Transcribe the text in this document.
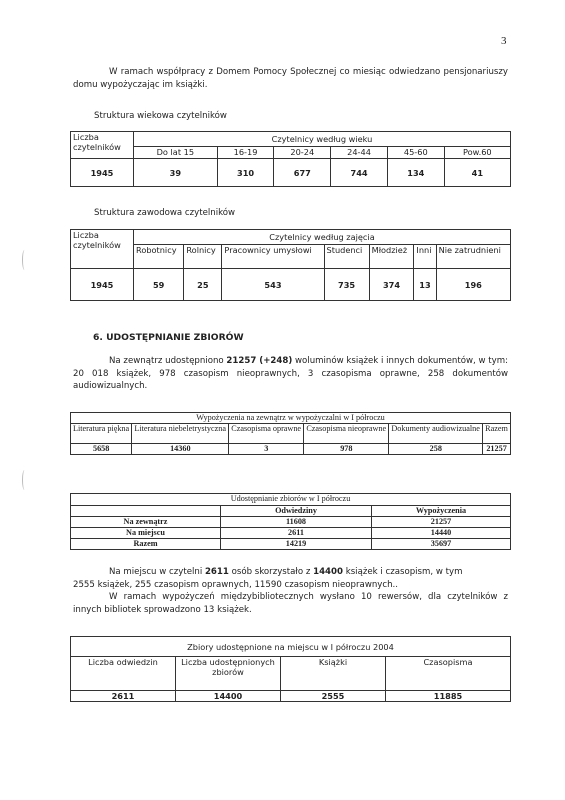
3
W ramach współpracy z Domem Pomocy Społecznej co miesiąc odwiedzano pensjonariuszy domu wypożyczając im książki.
Struktura wiekowa czytelników
Liczba czytelników	Czytelnicy według wieku					
	Do lat 15	16-19	20-24	24-44	45-60	Pow.60
1945	39	310	677	744	134	41
Struktura zawodowa czytelników
Liczba czytelników	Czytelnicy według zajęcia						
	Robotnicy	Rolnicy	Pracownicy umysłowi	Studenci	Młodzież	Inni	Nie zatrudnieni
1945	59	25	543	735	374	13	196
6. UDOSTĘPNIANIE ZBIORÓW
Na zewnątrz udostępniono 21257 (+248) woluminów książek i innych dokumentów, w tym: 20 018 książek, 978 czasopism nieoprawnych, 3 czasopisma oprawne, 258 dokumentów audiowizualnych.
Wypożyczenia na zewnątrz w wypożyczalni w I półroczu					
Literatura piękna	Literatura niebeletrystyczna	Czasopisma oprawne	Czasopisma nieoprawne	Dokumenty audiowizualne	Razem
5658	14360	3	978	258	21257
Udostępnianie zbiorów w I półroczu		
	Odwiedziny	Wypożyczenia
Na zewnątrz	11608	21257
Na miejscu	2611	14440
Razem	14219	35697
Na miejscu w czytelni 2611 osób skorzystało z 14400 książek i czasopism, w tym
2555 książek, 255 czasopism oprawnych, 11590 czasopism nieoprawnych..
W ramach wypożyczeń międzybibliotecznych wysłano 10 rewersów, dla czytelników z innych bibliotek sprowadzono 13 książek.
Zbiory udostępnione na miejscu w I półroczu 2004			
Liczba odwiedzin	Liczba udostępnionych zbiorów	Książki	Czasopisma
2611	14400	2555	11885
